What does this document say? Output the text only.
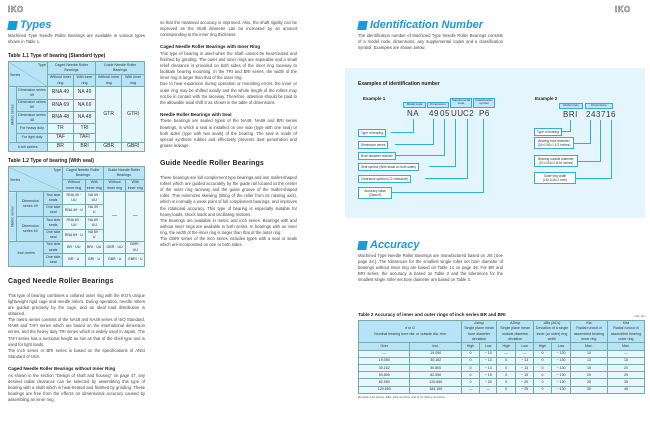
IKO	IKO
Types
Machined Type Needle Roller Bearings are available in various types shown in Table 1.
Table 1.1 Type of bearing (Standard type)
Type

Series		Caged Needle Roller Bearings		Guide Needle Roller Bearings	
		Without inner ring	With inner ring	Without inner ring	With inner ring
Metric series	Dimension series 49	RNA 49	NA 49	GTR	GTRI
	Dimension series 69	RNA 69	NA 69		
	Dimension series 48	RNA 48	NA 48		
	For heavy duty	TR	TRI		
	For light duty	TAF	TAFI		
Inch series		BR	BRI	GBR	GBRI
Table 1.2 Type of bearing (With seal)
Type

Series			Caged Needle Roller Bearings		Guide Needle Roller Bearings	
			Without inner ring	With inner ring	Without inner ring	With inner ring
Metric series	Dimension series 49	Two side seals	RNA 49 · UU	NA 49 · UU	—	—
		One side seal	RNA 49 · U	NA 49 · U		
	Dimension series 69	Two side seals	RNA 69 · UU	NA 69 · UU		
		One side seal	RNA 69 · U	NA 69 · U		
Inch series		Two side seals	BR · UU	BRI · UU	GBR · UU	GBRI · UU
		One side seal	BR · U	BRI · U	GBR · U	GBRI · U
Caged Needle Roller Bearings
This type of bearing combines a collared outer ring with the IKO's unique lightweight rigid cage and needle rollers. During operation, needle rollers are guided precisely by the cage, and an ideal load distribution is obtained.
The metric series consists of the NA48 and NA49 series of ISO Standard, NA69 and TAFI series which are based on the international dimension series, and the heavy duty TRI series which is widely used in Japan. The TAFI series has a sectional height as low as that of the shell type and is used for light loads.
The inch series or BRI series is based on the specifications of ANSI Standard of USA.
Caged Needle Roller Bearings without Inner Ring
As shown in the section "Design of shaft and housing" on page 47, any desired radial clearance can be selected by assembling this type of bearing with a shaft which is heat-treated and finished by grinding. These bearings are free from the effects on dimensional accuracy caused by assembling an inner ring,
so that the rotational accuracy is improved. Also, the shaft rigidity can be improved as the shaft diameter can be increased by an amount corresponding to the inner ring thickness.
Caged Needle Roller Bearings with Inner Ring
This type of bearing is used when the shaft cannot be heat-treated and finished by grinding. The outer and inner rings are separable and a small relief clearance is provided on both sides of the inner ring raceway to facilitate bearing mounting. In the TRI and BRI series, the width of the inner ring is larger than that of the outer ring.
Due to heat expansion during operation or mounting errors, the inner or outer ring may be shifted axially and the whole length of the rollers may not be in contact with the raceway. Therefore, attention should be paid to the allowable axial shift S as shown in the table of dimensions.
Needle Roller Bearings with Seal
These bearings are sealed types of the NA49, NA69 and BRI series bearings, in which a seal is installed on one side (type with one seal) or both sides (type with two seals) of the bearing. The seal is made of special synthetic rubber and effectively prevents dust penetration and grease leakage.
Guide Needle Roller Bearings
These bearings are full complement type bearings and use mallet-shaped rollers which are guided accurately by the guide rail located at the center of the outer ring raceway and the guide groove of the mallet-shaped roller. This minimizes skewing (tilting of the roller from its rotating axis), which is normally a weak point of full complement bearings, and improves the rotational accuracy. This type of bearing is especially suitable for heavy loads, shock loads and oscillating motions.
The bearings are available in metric and inch series. Bearings with and without inner rings are available in both series. In bearings with an inner ring, the width of the inner ring is larger than that of the outer ring.
The GBRI series of the inch series includes types with a seal or seals which are incorporated on one or both sides.
Identification Number
The identification number of Machined Type Needle Roller Bearings consists of a model code, dimensions, any supplemental codes and a classification symbol. Examples are shown below.
Examples of identification number
Example 1
Model code	Dimensions
Supplemental code
Classification symbol
NA 49 05 UU C2 P6
Type of bearing
Dimension series
Bore diameter number
Seal symbol (With seals on both sides)
Clearance symbol (C2 clearance)
Accuracy class (Class 6)
Example 2
Model code	Dimensions
BRI 24 37 16
Type of bearing
Bearing bore diameter (24×1/16=1 1/2 inches)
Bearing outside diameter (37×1/16=2 5/16 inches)
Outer ring width (16×1/16=1 inch)
Accuracy
Machined Type Needle Roller Bearings are manufactured based on JIS (See page 34.). The tolerances for the smallest single roller set bore diameter of bearings without inner ring are based on Table 14 on page 36. For BR and BRI series, the accuracy is based on Table 2 and the tolerances for the smallest single roller set bore diameter are based on Table 3.
Table 2 Accuracy of inner and outer rings of inch series BR and BRI	unit: μm
d or D
Nominal bearing bore dia. or outside dia. mm		Δdmp
Single plane mean bore diameter deviation		ΔDmp
Single plane mean outside diameter deviation		ΔBs (ΔCs)
Deviation of a single inner (or outer) ring width		Kia
Radial runout of assembled bearing inner ring	Kea
Radial runout of assembled bearing outer ring
Over	Incl.	High	Low	High	Low	High	Low	Max.	Max.
—	19.050	0	− 10	—	—	0	− 130	10	—
19.050	30.162	0	− 13	0	− 13	0	− 130	13	15
30.162	50.800	0	− 13	0	− 13	0	− 130	15	20
50.800	82.550	0	− 15	0	− 15	0	− 130	20	25
82.550	120.650	0	− 20	0	− 20	0	− 130	25	35
120.650	184.150	—	—	0	− 25	0	− 130	30	45
Remark d for Δdmp, ΔBs, ΔCs and Kia, and D for ΔDmp and Kea
